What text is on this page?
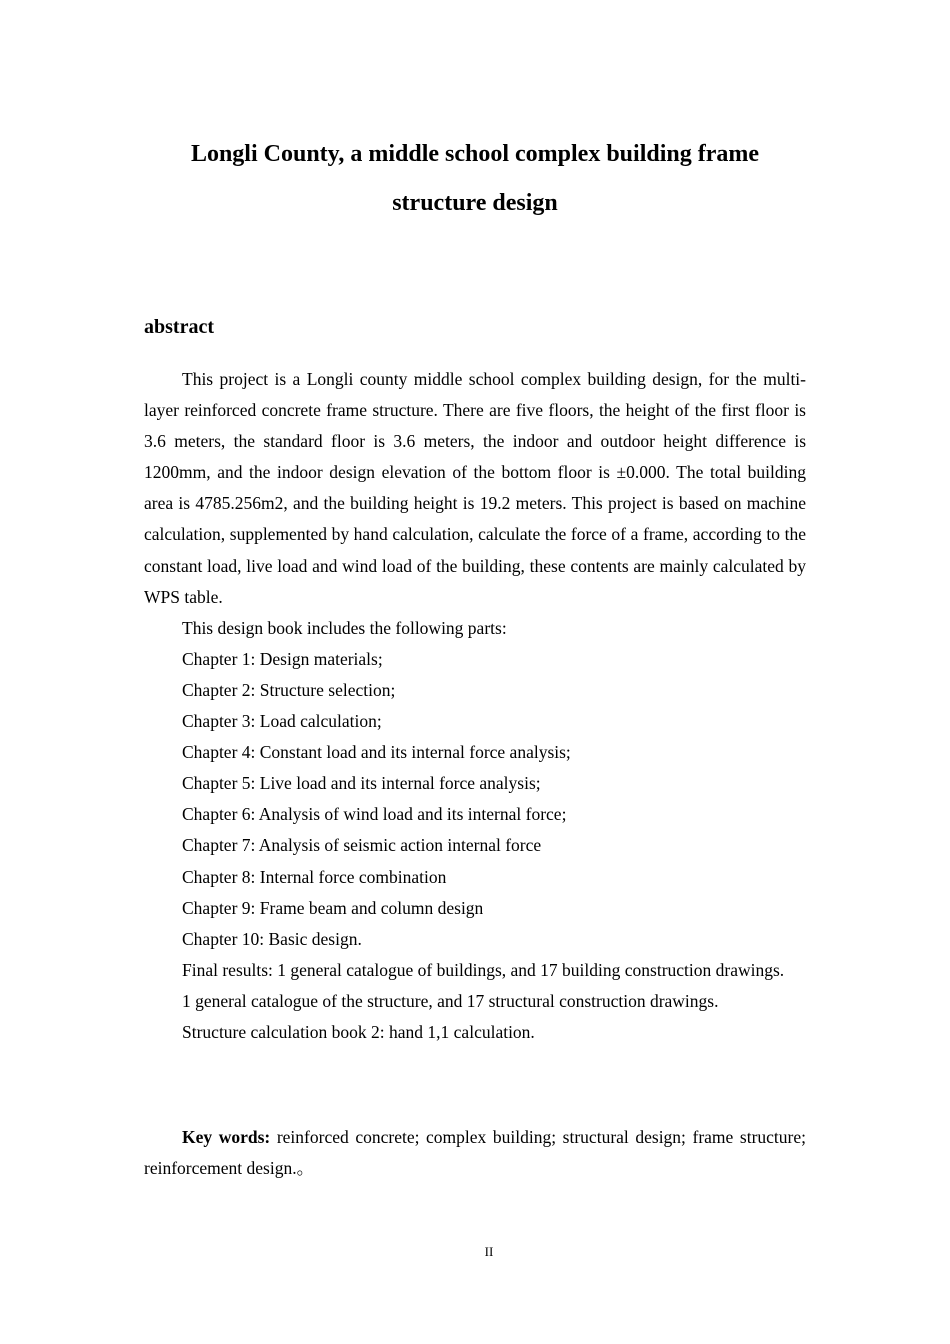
Longli County, a middle school complex building frame
structure design
abstract

This project is a Longli county middle school complex building design, for the multi-layer reinforced concrete frame structure. There are five floors, the height of the first floor is 3.6 meters, the standard floor is 3.6 meters, the indoor and outdoor height difference is 1200mm, and the indoor design elevation of the bottom floor is ±0.000. The total building area is 4785.256m2, and the building height is 19.2 meters. This project is based on machine calculation, supplemented by hand calculation, calculate the force of a frame, according to the constant load, live load and wind load of the building, these contents are mainly calculated by WPS table.

This design book includes the following parts:

Chapter 1: Design materials;

Chapter 2: Structure selection;

Chapter 3: Load calculation;

Chapter 4: Constant load and its internal force analysis;

Chapter 5: Live load and its internal force analysis;

Chapter 6: Analysis of wind load and its internal force;

Chapter 7: Analysis of seismic action internal force

Chapter 8: Internal force combination

Chapter 9: Frame beam and column design

Chapter 10: Basic design.

Final results: 1 general catalogue of buildings, and 17 building construction drawings.

1 general catalogue of the structure, and 17 structural construction drawings.

Structure calculation book 2: hand 1,1 calculation.

Key words: reinforced concrete; complex building; structural design; frame structure; reinforcement design.。
II
